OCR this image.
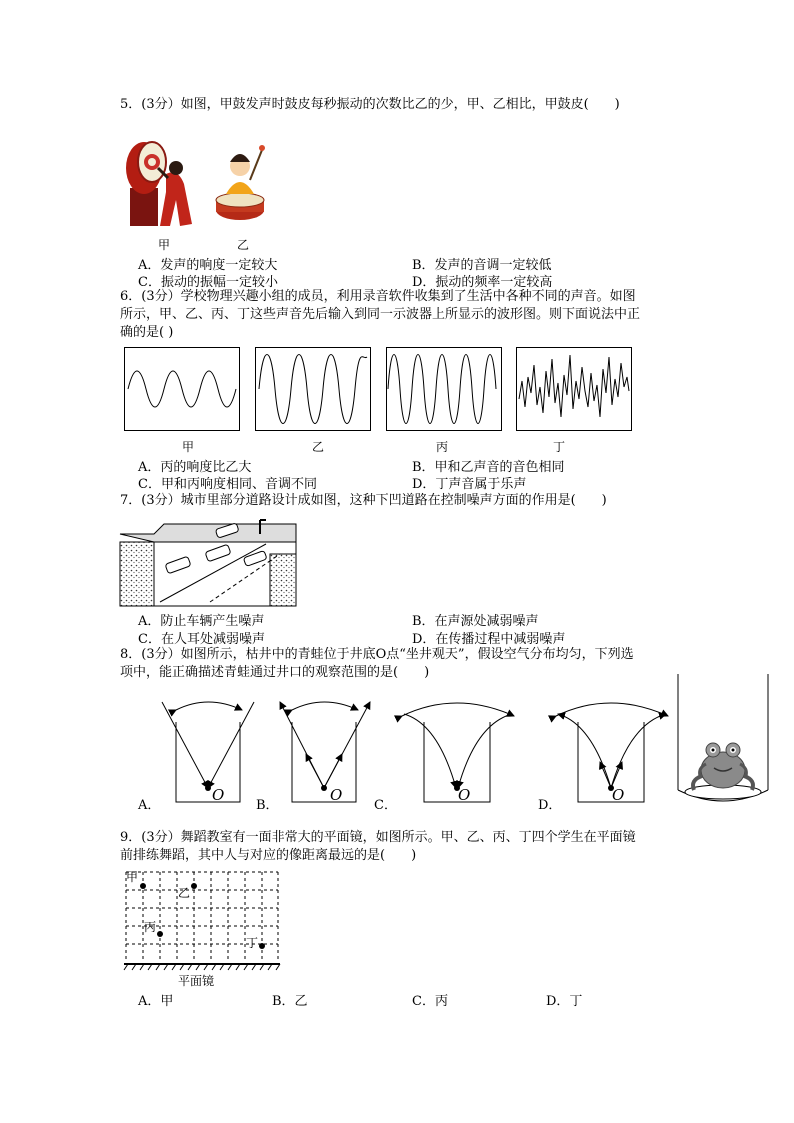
5．(3分）如图，甲鼓发声时鼓皮每秒振动的次数比乙的少，甲、乙相比，甲鼓皮(　　)
甲	乙
A．发声的响度一定较大	B．发声的音调一定较低
C．振动的振幅一定较小	D．振动的频率一定较高
6．(3分）学校物理兴趣小组的成员，利用录音软件收集到了生活中各种不同的声音。如图
所示，甲、乙、丙、丁这些声音先后输入到同一示波器上所显示的波形图。则下面说法中正
确的是( )
甲	乙	丙	丁
A．丙的响度比乙大	B．甲和乙声音的音色相同
C．甲和丙响度相同、音调不同	D．丁声音属于乐声
7．(3分）城市里部分道路设计成如图，这种下凹道路在控制噪声方面的作用是(　　)
A．防止车辆产生噪声	B．在声源处减弱噪声
C．在人耳处减弱噪声	D．在传播过程中减弱噪声
8．(3分）如图所示，枯井中的青蛙位于井底O点“坐井观天”，假设空气分布均匀，下列选
项中，能正确描述青蛙通过井口的观察范围的是(　　)
A．
O
B．
O
C．
O
D．
O
9．(3分）舞蹈教室有一面非常大的平面镜，如图所示。甲、乙、丙、丁四个学生在平面镜
前排练舞蹈，其中人与对应的像距离最远的是(　　)
甲
乙
丙
丁
平面镜
A．甲	B．乙	C．丙	D．丁
